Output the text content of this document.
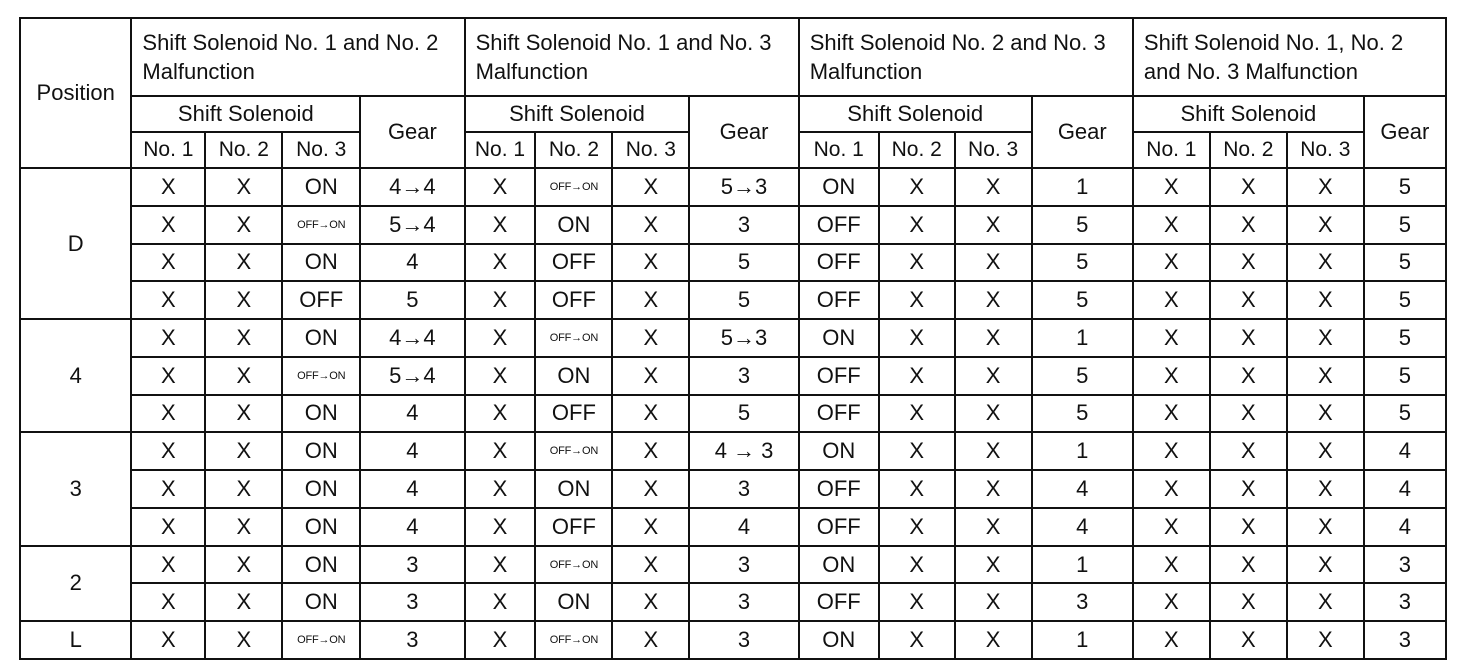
Position	Shift Solenoid No. 1 and No. 2 Malfunction				Shift Solenoid No. 1 and No. 3 Malfunction				Shift Solenoid No. 2 and No. 3 Malfunction				Shift Solenoid No. 1, No. 2 and No. 3 Malfunction			
	Shift Solenoid			Gear	Shift Solenoid			Gear	Shift Solenoid			Gear	Shift Solenoid			Gear
	No. 1	No. 2	No. 3		No. 1	No. 2	No. 3		No. 1	No. 2	No. 3		No. 1	No. 2	No. 3	
D	X	X	ON	4→4	X	OFF→ON	X	5→3	ON	X	X	1	X	X	X	5
	X	X	OFF→ON	5→4	X	ON	X	3	OFF	X	X	5	X	X	X	5
	X	X	ON	4	X	OFF	X	5	OFF	X	X	5	X	X	X	5
	X	X	OFF	5	X	OFF	X	5	OFF	X	X	5	X	X	X	5
4	X	X	ON	4→4	X	OFF→ON	X	5→3	ON	X	X	1	X	X	X	5
	X	X	OFF→ON	5→4	X	ON	X	3	OFF	X	X	5	X	X	X	5
	X	X	ON	4	X	OFF	X	5	OFF	X	X	5	X	X	X	5
3	X	X	ON	4	X	OFF→ON	X	4 → 3	ON	X	X	1	X	X	X	4
	X	X	ON	4	X	ON	X	3	OFF	X	X	4	X	X	X	4
	X	X	ON	4	X	OFF	X	4	OFF	X	X	4	X	X	X	4
2	X	X	ON	3	X	OFF→ON	X	3	ON	X	X	1	X	X	X	3
	X	X	ON	3	X	ON	X	3	OFF	X	X	3	X	X	X	3
L	X	X	OFF→ON	3	X	OFF→ON	X	3	ON	X	X	1	X	X	X	3
